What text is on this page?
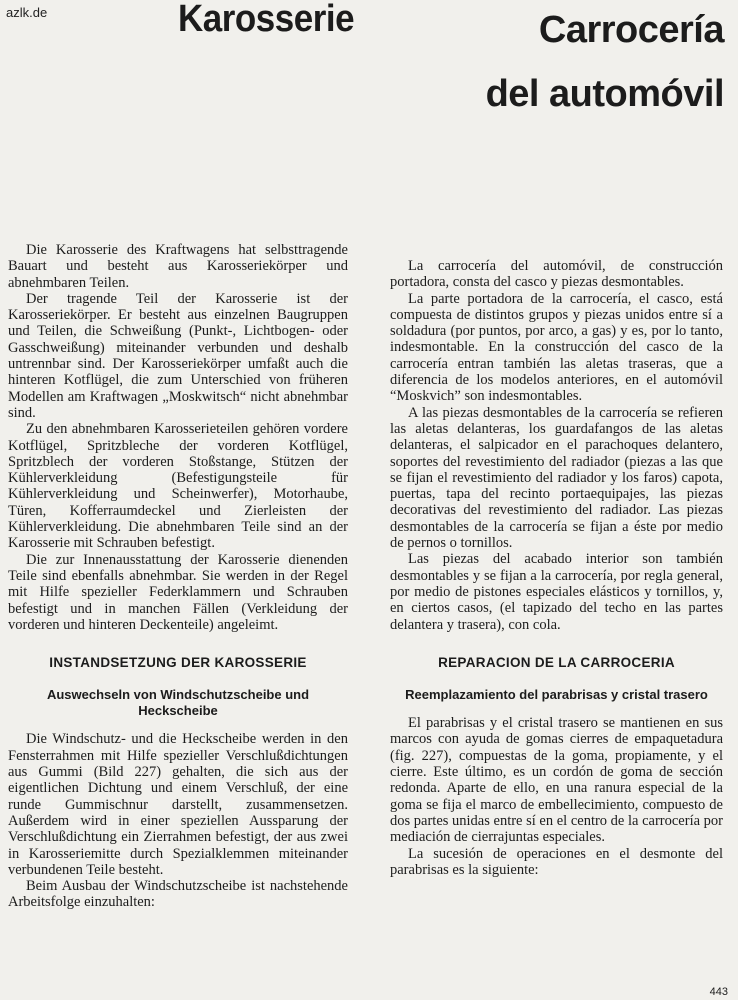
azlk.de	Karosserie	Carrocería
del automóvil

Die Karosserie des Kraftwagens hat selbsttragende Bauart und besteht aus Karosseriekörper und abnehmbaren Teilen.

Der tragende Teil der Karosserie ist der Karosseriekörper. Er besteht aus einzelnen Baugruppen und Teilen, die Schweißung (Punkt-, Lichtbogen- oder Gasschweißung) miteinander verbunden und deshalb untrennbar sind. Der Karosseriekörper umfaßt auch die hinteren Kotflügel, die zum Unterschied von früheren Modellen am Kraftwagen „Moskwitsch“ nicht abnehmbar sind.

Zu den abnehmbaren Karosserieteilen gehören vordere Kotflügel, Spritzbleche der vorderen Kotflügel, Spritzblech der vorderen Stoßstange, Stützen der Kühlerverkleidung (Befestigungsteile für Kühlerverkleidung und Scheinwerfer), Motorhaube, Türen, Kofferraumdeckel und Zierleisten der Kühlerverkleidung. Die abnehmbaren Teile sind an der Karosserie mit Schrauben befestigt.

Die zur Innenausstattung der Karosserie dienenden Teile sind ebenfalls abnehmbar. Sie werden in der Regel mit Hilfe spezieller Federklammern und Schrauben befestigt und in manchen Fällen (Verkleidung der vorderen und hinteren Deckenteile) angeleimt.

INSTANDSETZUNG DER KAROSSERIE
Auswechseln von Windschutzscheibe und Heckscheibe

Die Windschutz- und die Heckscheibe werden in den Fensterrahmen mit Hilfe spezieller Verschlußdichtungen aus Gummi (Bild 227) gehalten, die sich aus der eigentlichen Dichtung und einem Verschluß, der eine runde Gummischnur darstellt, zusammensetzen. Außerdem wird in einer speziellen Aussparung der Verschlußdichtung ein Zierrahmen befestigt, der aus zwei in Karosseriemitte durch Spezialklemmen miteinander verbundenen Teile besteht.

Beim Ausbau der Windschutzscheibe ist nachstehende Arbeitsfolge einzuhalten:

La carrocería del automóvil, de construcción portadora, consta del casco y piezas desmontables.

La parte portadora de la carrocería, el casco, está compuesta de distintos grupos y piezas unidos entre sí a soldadura (por puntos, por arco, a gas) y es, por lo tanto, indesmontable. En la construcción del casco de la carrocería entran también las aletas traseras, que a diferencia de los modelos anteriores, en el automóvil “Moskvich” son indesmontables.

A las piezas desmontables de la carrocería se refieren las aletas delanteras, los guardafangos de las aletas delanteras, el salpicador en el parachoques delantero, soportes del revestimiento del radiador (piezas a las que se fijan el revestimiento del radiador y los faros) capota, puertas, tapa del recinto portaequipajes, las piezas decorativas del revestimiento del radiador. Las piezas desmontables de la carrocería se fijan a éste por medio de pernos o tornillos.

Las piezas del acabado interior son también desmontables y se fijan a la carrocería, por regla general, por medio de pistones especiales elásticos y tornillos, y, en ciertos casos, (el tapizado del techo en las partes delantera y trasera), con cola.

REPARACION DE LA CARROCERIA
Reemplazamiento del parabrisas y cristal trasero

El parabrisas y el cristal trasero se mantienen en sus marcos con ayuda de gomas cierres de empaquetadura (fig. 227), compuestas de la goma, propiamente, y el cierre. Este último, es un cordón de goma de sección redonda. Aparte de ello, en una ranura especial de la goma se fija el marco de embellecimiento, compuesto de dos partes unidas entre sí en el centro de la carrocería por mediación de cierrajuntas especiales.

La sucesión de operaciones en el desmonte del parabrisas es la siguiente:

443
